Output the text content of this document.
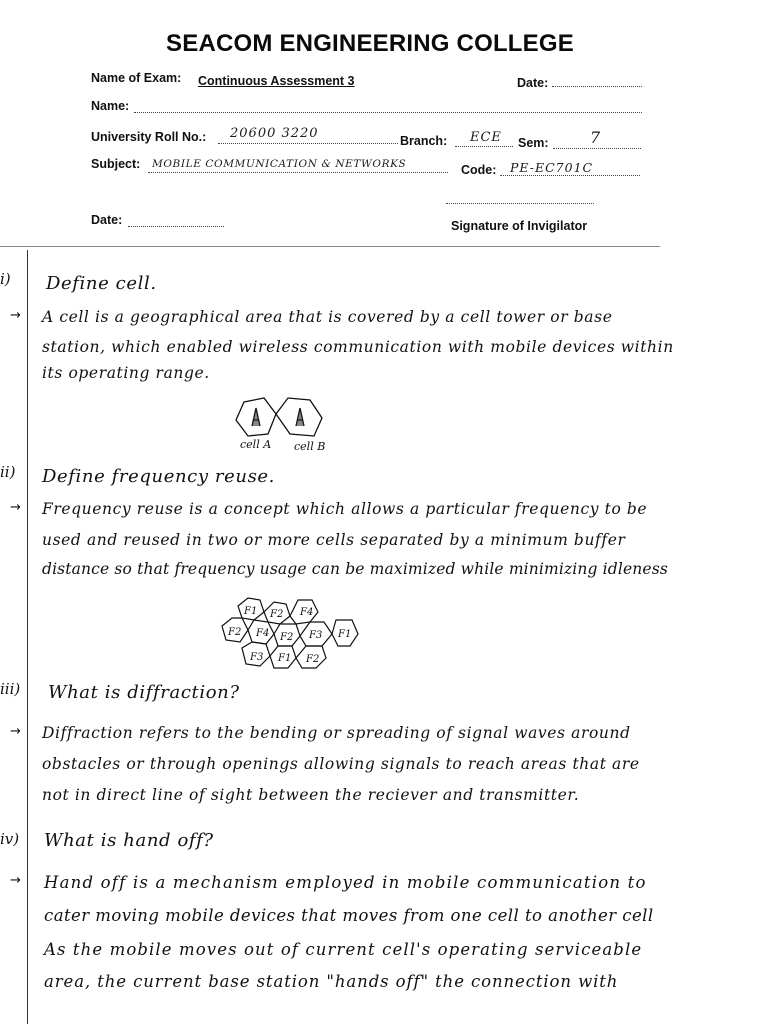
SEACOM ENGINEERING COLLEGE
Name of Exam: Continuous Assessment 3	Date:
Name:
University Roll No.: 20600 3220	Branch: ECE Sem:	7
Subject: MOBILE COMMUNICATION & NETWORKS	Code: PE-EC701C
Date:	Signature of Invigilator
i) Define cell.
→ A cell is a geographical area that is covered by a cell tower or base
station, which enabled wireless communication with mobile devices within
its operating range.
cell A cell B
ii) Define frequency reuse.
→ Frequency reuse is a concept which allows a particular frequency to be
used and reused in two or more cells separated by a minimum buffer
distance so that frequency usage can be maximized while minimizing idleness
F1 F2 F4
F2 F4 F2 F3 F1
F3 F1 F2
iii) What is diffraction?
→ Diffraction refers to the bending or spreading of signal waves around
obstacles or through openings allowing signals to reach areas that are
not in direct line of sight between the reciever and transmitter.
iv) What is hand off?
→ Hand off is a mechanism employed in mobile communication to
cater moving mobile devices that moves from one cell to another cell
As the mobile moves out of current cell's operating serviceable
area, the current base station "hands off" the connection with
